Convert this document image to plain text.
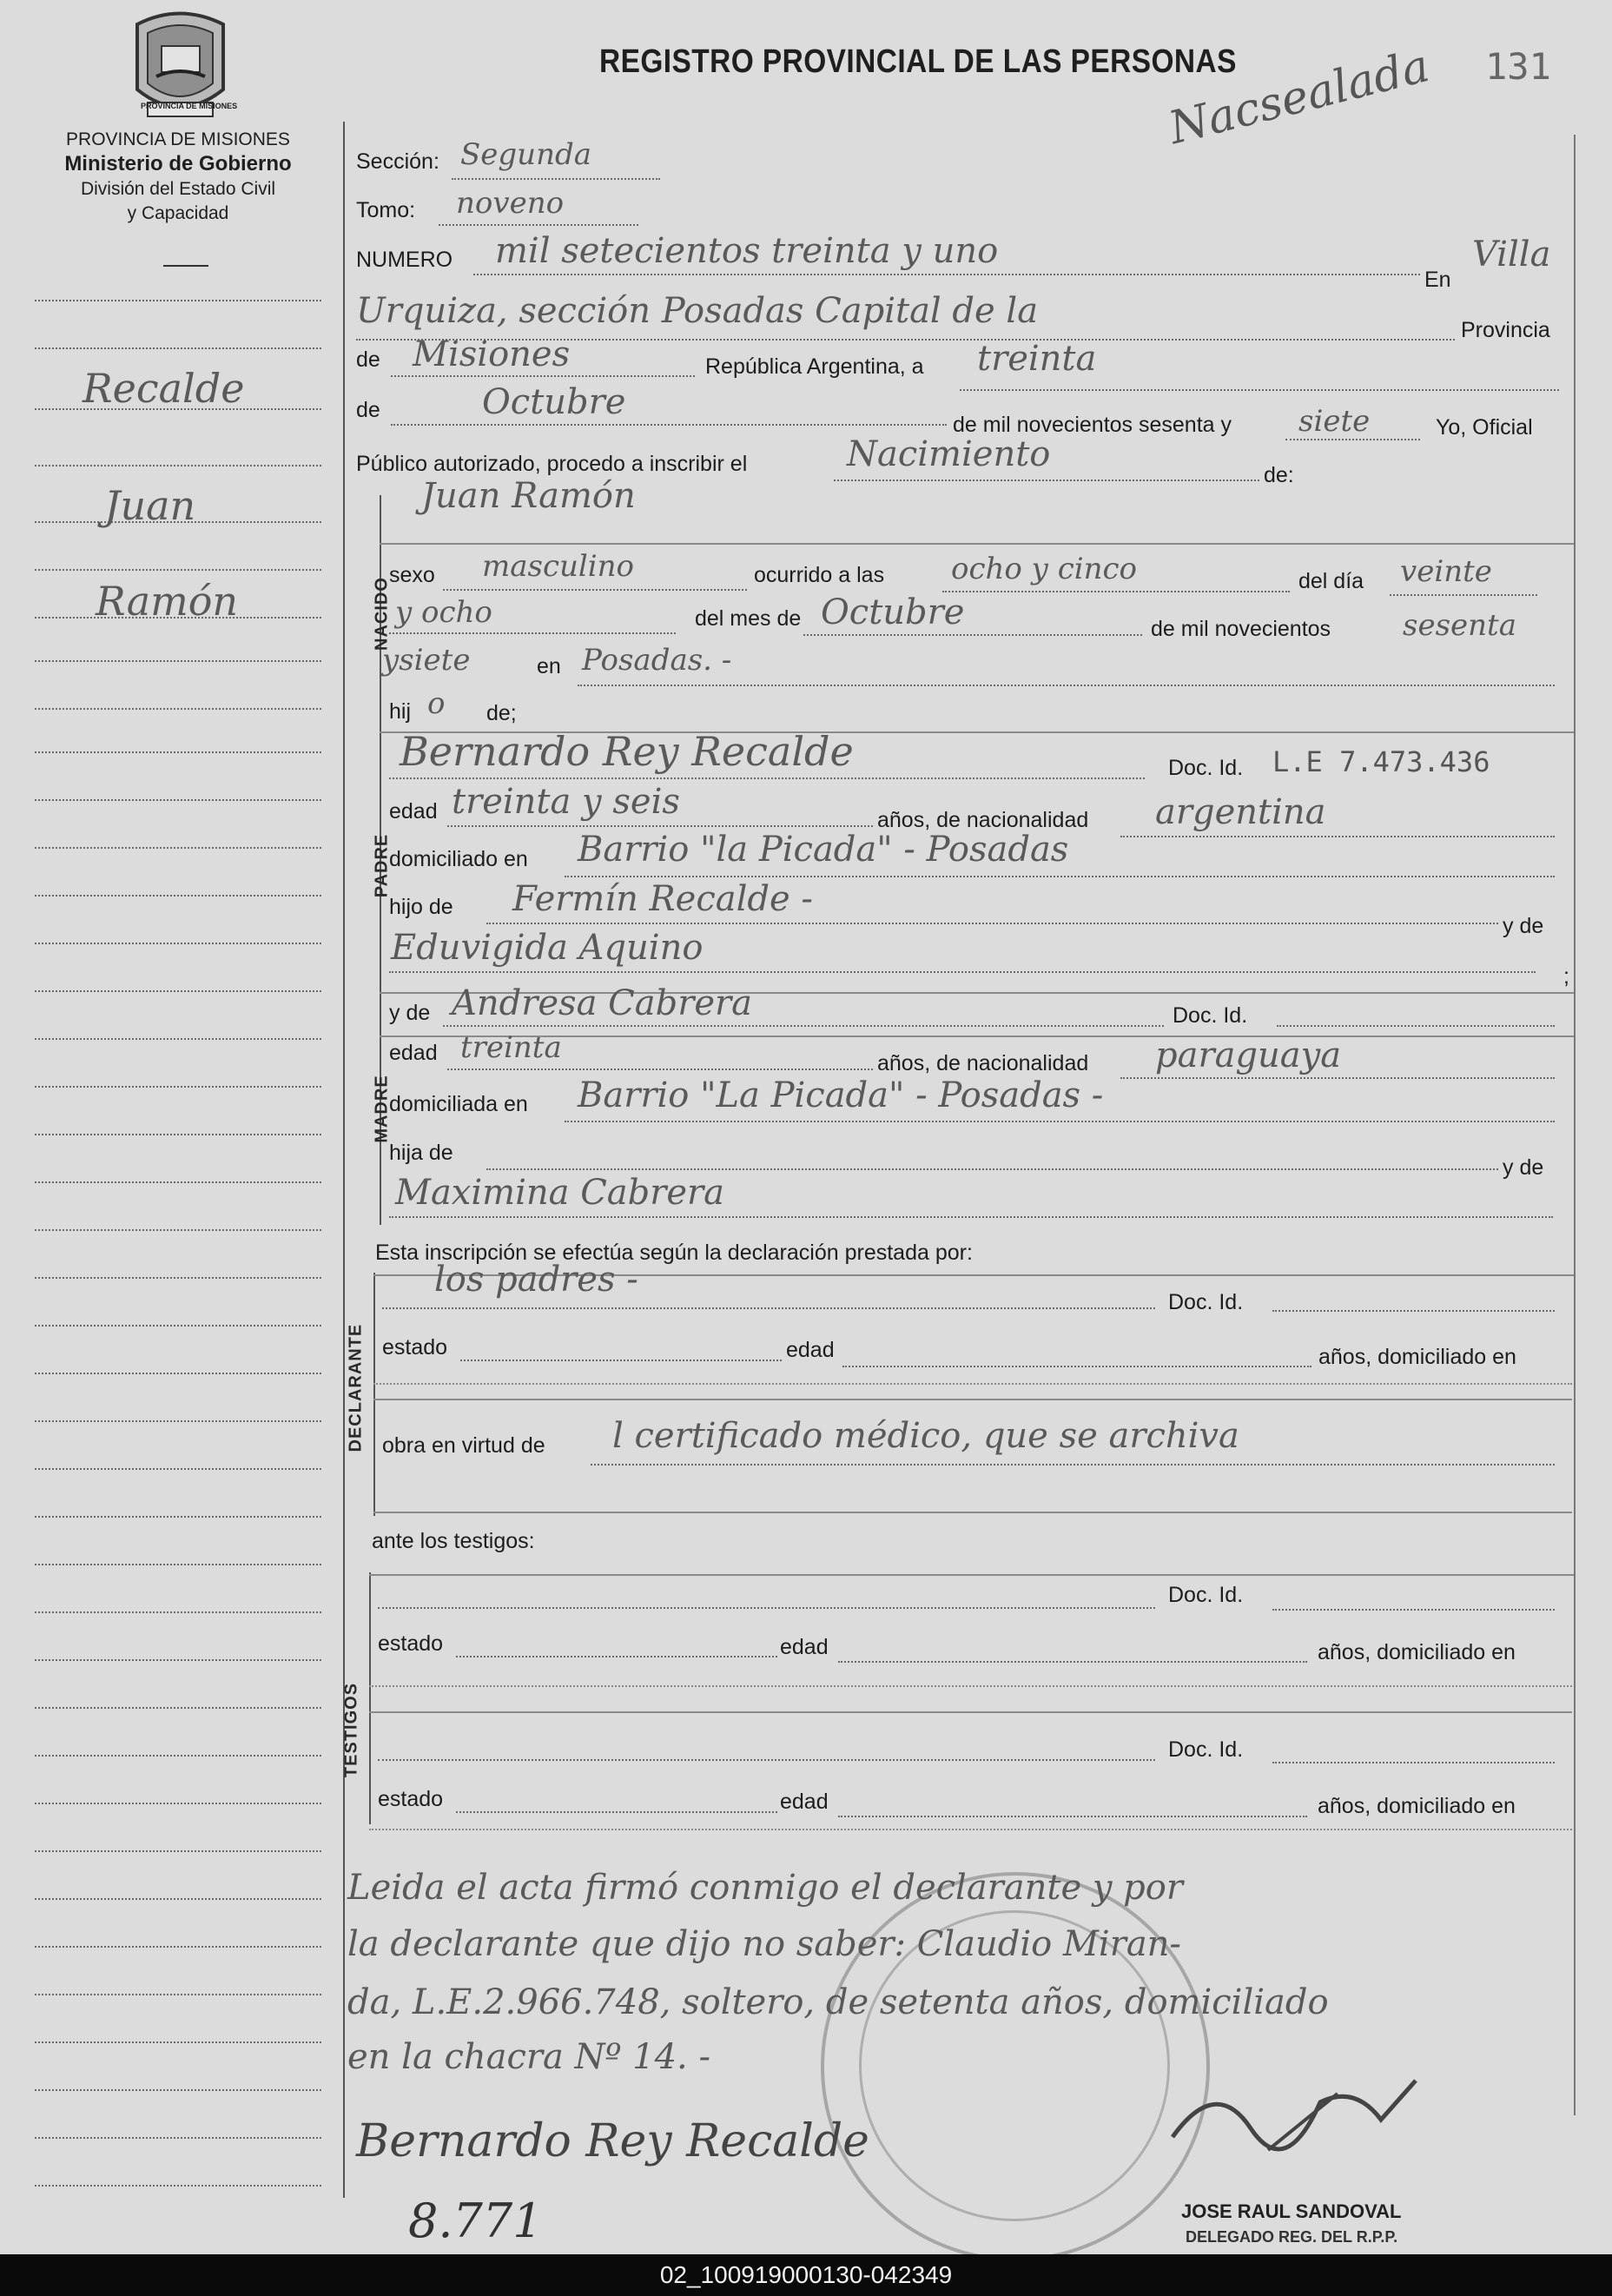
PROVINCIA DE MISIONES
PROVINCIA DE MISIONES
Ministerio de Gobierno
División del Estado Civil
y Capacidad
REGISTRO PROVINCIAL DE LAS PERSONAS
Nacsealada 131
Recalde
Juan
Ramón
Sección: Segunda
Tomo: noveno
NUMERO mil setecientos treinta y uno
En
Villa
Urquiza, sección Posadas Capital de la	Provincia
de Misiones	República Argentina, a treinta
de	Octubre
de mil novecientos sesenta y siete	Yo, Oficial
Público autorizado, procedo a inscribir el	Nacimiento
de:
NACIDO
Juan Ramón
sexo masculino	ocurrido a las ocho y cinco	del día veinte
y ocho	del mes de Octubre	de mil novecientos sesenta
ysiete	en Posadas. -
hij o de;
PADRE
Bernardo Rey Recalde	Doc. Id. L.E 7.473.436
edad treinta y seis	años, de nacionalidad argentina
domiciliado en Barrio "la Picada" - Posadas
hijo de Fermín Recalde -
y de
Eduvigida Aquino
;
MADRE
y de Andresa Cabrera	Doc. Id.
edad treinta	años, de nacionalidad paraguaya
domiciliada en Barrio "La Picada" - Posadas -
hija de
y de
Maximina Cabrera
Esta inscripción se efectúa según la declaración prestada por:
DECLARANTE
los padres -
Doc. Id.
estado	edad	años, domiciliado en
obra en virtud de l certificado médico, que se archiva
ante los testigos:
TESTIGOS
Doc. Id.
estado	edad	años, domiciliado en
Doc. Id.
estado	edad	años, domiciliado en
Leida el acta firmó conmigo el declarante y por
la declarante que dijo no saber: Claudio Miran-
da, L.E.2.966.748, soltero, de setenta años, domiciliado
en la chacra Nº 14. -
Bernardo Rey Recalde
8.771	JOSE RAUL SANDOVAL
DELEGADO REG. DEL R.P.P.
02_100919000130-042349
